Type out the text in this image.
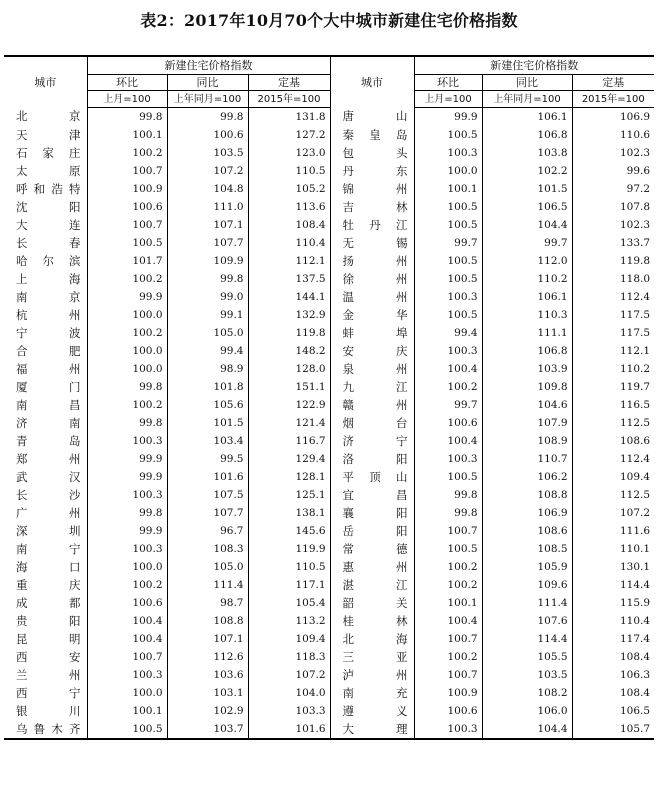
表2：2017年10月70个大中城市新建住宅价格指数
城市	新建住宅价格指数			城市	新建住宅价格指数		
	环比	同比	定基		环比	同比	定基
	上月=100	上年同月=100	2015年=100		上月=100	上年同月=100	2015年=100
北京	99.8	99.8	131.8	唐山	99.9	106.1	106.9
天津	100.1	100.6	127.2	秦皇岛	100.5	106.8	110.6
石家庄	100.2	103.5	123.0	包头	100.3	103.8	102.3
太原	100.7	107.2	110.5	丹东	100.0	102.2	99.6
呼和浩特	100.9	104.8	105.2	锦州	100.1	101.5	97.2
沈阳	100.6	111.0	113.6	吉林	100.5	106.5	107.8
大连	100.7	107.1	108.4	牡丹江	100.5	104.4	102.3
长春	100.5	107.7	110.4	无锡	99.7	99.7	133.7
哈尔滨	101.7	109.9	112.1	扬州	100.5	112.0	119.8
上海	100.2	99.8	137.5	徐州	100.5	110.2	118.0
南京	99.9	99.0	144.1	温州	100.3	106.1	112.4
杭州	100.0	99.1	132.9	金华	100.5	110.3	117.5
宁波	100.2	105.0	119.8	蚌埠	99.4	111.1	117.5
合肥	100.0	99.4	148.2	安庆	100.3	106.8	112.1
福州	100.0	98.9	128.0	泉州	100.4	103.9	110.2
厦门	99.8	101.8	151.1	九江	100.2	109.8	119.7
南昌	100.2	105.6	122.9	赣州	99.7	104.6	116.5
济南	99.8	101.5	121.4	烟台	100.6	107.9	112.5
青岛	100.3	103.4	116.7	济宁	100.4	108.9	108.6
郑州	99.9	99.5	129.4	洛阳	100.3	110.7	112.4
武汉	99.9	101.6	128.1	平顶山	100.5	106.2	109.4
长沙	100.3	107.5	125.1	宜昌	99.8	108.8	112.5
广州	99.8	107.7	138.1	襄阳	99.8	106.9	107.2
深圳	99.9	96.7	145.6	岳阳	100.7	108.6	111.6
南宁	100.3	108.3	119.9	常德	100.5	108.5	110.1
海口	100.0	105.0	110.5	惠州	100.2	105.9	130.1
重庆	100.2	111.4	117.1	湛江	100.2	109.6	114.4
成都	100.6	98.7	105.4	韶关	100.1	111.4	115.9
贵阳	100.4	108.8	113.2	桂林	100.4	107.6	110.4
昆明	100.4	107.1	109.4	北海	100.7	114.4	117.4
西安	100.7	112.6	118.3	三亚	100.2	105.5	108.4
兰州	100.3	103.6	107.2	泸州	100.7	103.5	106.3
西宁	100.0	103.1	104.0	南充	100.9	108.2	108.4
银川	100.1	102.9	103.3	遵义	100.6	106.0	106.5
乌鲁木齐	100.5	103.7	101.6	大理	100.3	104.4	105.7
